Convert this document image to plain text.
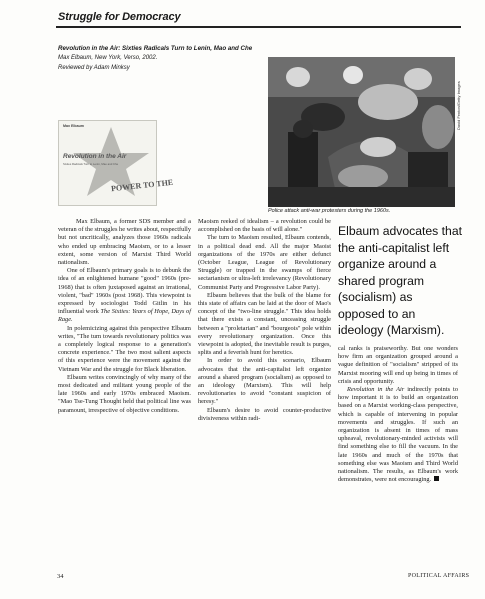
Struggle for Democracy
Revolution in the Air: Sixties Radicals Turn to Lenin, Mao and Che
Max Elbaum, New York, Verso, 2002.
Reviewed by Adam Minksy
Max Elbaum
Revolution in the Air
Sixties Radicals Turn to Lenin, Mao and Che
POWER TO THE
David Fenton/Getty Images
Police attack anti-war protesters during the 1960s.

Max Elbaum, a former SDS member and a veteran of the struggles he writes about, respectfully but not uncritically, analyzes those 1960s radicals who ended up embracing Maoism, or to a lesser extent, some version of Marxist Third World nationalism.

One of Elbaum's primary goals is to debunk the idea of an enlightened humane "good" 1960s (pre-1968) that is often juxtaposed against an irrational, violent, "bad" 1960s (post 1968). This viewpoint is expressed by sociologist Todd Gitlin in his influential work The Sixties: Years of Hope, Days of Rage.

In polemicizing against this perspective Elbaum writes, "The turn towards revolutionary politics was a completely logical response to a generation's concrete experience." The two most salient aspects of this experience were the movement against the Vietnam War and the struggle for Black liberation.

Elbaum writes convincingly of why many of the most dedicated and militant young people of the late 1960s and early 1970s embraced Maoism. "Mao Tse-Tung Thought held that political line was paramount, irrespective of objective conditions.

Maoism reeked of idealism – a revolution could be accomplished on the basis of will alone."

The turn to Maoism resulted, Elbaum contends, in a political dead end. All the major Maoist organizations of the 1970s are either defunct (October League, League of Revolutionary Struggle) or trapped in the swamps of fierce sectarianism or ultra-left irrelevancy (Revolutionary Communist Party and Progressive Labor Party).

Elbaum believes that the bulk of the blame for this state of affairs can be laid at the door of Mao's concept of the "two-line struggle." This idea holds that there exists a constant, unceasing struggle between a "proletarian" and "bourgeois" pole within every revolutionary organization. Once this viewpoint is adopted, the inevitable result is purges, splits and a feverish hunt for heretics.

In order to avoid this scenario, Elbaum advocates that the anti-capitalist left organize around a shared program (socialism) as opposed to an ideology (Marxism). This will help revolutionaries to avoid "constant suspicion of heresy."

Elbaum's desire to avoid counter-productive divisiveness within radi-

Elbaum advocates that the anti-capitalist left organize around a shared program (socialism) as opposed to an ideology (Marxism).

cal ranks is praiseworthy. But one wonders how firm an organization grouped around a vague definition of "socialism" stripped of its Marxist mooring will end up being in times of crisis and opportunity.

Revolution in the Air indirectly points to how important it is to build an organization based on a Marxist working-class perspective, which is capable of intervening in popular movements and struggles. If such an organization is absent in times of mass upheaval, revolutionary-minded activists will find something else to fill the vacuum. In the late 1960s and much of the 1970s that something else was Maoism and Third World nationalism. The results, as Elbaum's work demonstrates, were not encouraging.

34	POLITICAL AFFAIRS
